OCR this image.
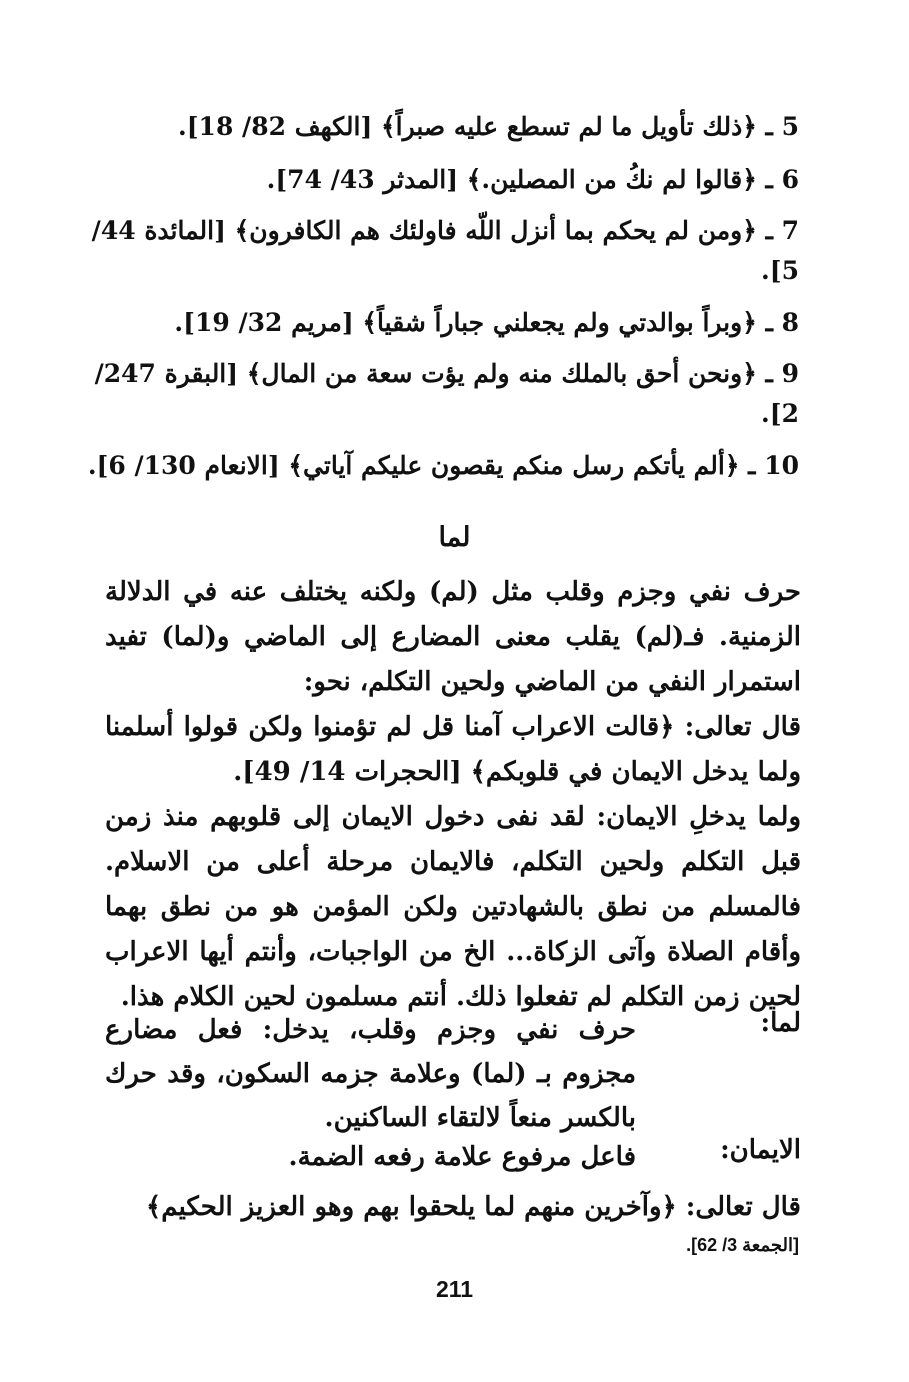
5 ـ ﴿ذلك تأويل ما لم تسطع عليه صبراً﴾ [الكهف 82/ 18].
6 ـ ﴿قالوا لم نكُ من المصلين.﴾ [المدثر 43/ 74].
7 ـ ﴿ومن لم يحكم بما أنزل اللّه فاولئك هم الكافرون﴾ [المائدة 44/
5].
8 ـ ﴿وبراً بوالدتي ولم يجعلني جباراً شقياً﴾ [مريم 32/ 19].
9 ـ ﴿ونحن أحق بالملك منه ولم يؤت سعة من المال﴾ [البقرة 247/
2].
10 ـ ﴿ألم يأتكم رسل منكم يقصون عليكم آياتي﴾ [الانعام 130/ 6].
لما
حرف نفي وجزم وقلب مثل (لم) ولكنه يختلف عنه في الدلالة الزمنية. فـ(لم) يقلب معنى المضارع إلى الماضي و(لما) تفيد استمرار النفي من الماضي ولحين التكلم، نحو:
قال تعالى: ﴿قالت الاعراب آمنا قل لم تؤمنوا ولكن قولوا أسلمنا ولما يدخل الايمان في قلوبكم﴾ [الحجرات 14/ 49].
ولما يدخلِ الايمان: لقد نفى دخول الايمان إلى قلوبهم منذ زمن قبل التكلم ولحين التكلم، فالايمان مرحلة أعلى من الاسلام. فالمسلم من نطق بالشهادتين ولكن المؤمن هو من نطق بهما وأقام الصلاة وآتى الزكاة... الخ من الواجبات، وأنتم أيها الاعراب لحين زمن التكلم لم تفعلوا ذلك. أنتم مسلمون لحين الكلام هذا.
لما:
حرف نفي وجزم وقلب، يدخل: فعل مضارع مجزوم بـ (لما) وعلامة جزمه السكون، وقد حرك بالكسر منعاً لالتقاء الساكنين.
الايمان:
فاعل مرفوع علامة رفعه الضمة.
قال تعالى: ﴿وآخرين منهم لما يلحقوا بهم وهو العزيز الحكيم﴾
[الجمعة 3/ 62].
211
